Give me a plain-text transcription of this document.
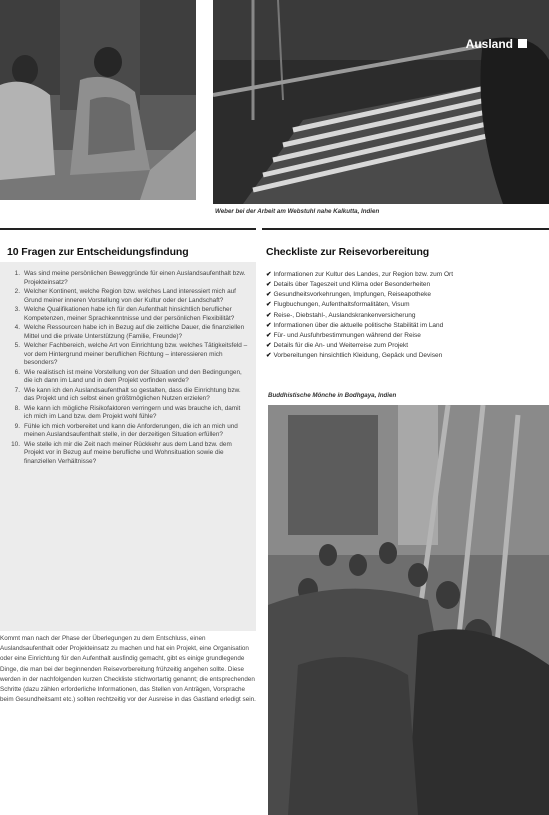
Ausland
Weber bei der Arbeit am Webstuhl nahe Kalkutta, Indien
10 Fragen zur Entscheidungsfindung
1. Was sind meine persönlichen Beweggründe für einen Auslandsaufenthalt bzw. Projekteinsatz?
2. Welcher Kontinent, welche Region bzw. welches Land interessiert mich auf Grund meiner inneren Vorstellung von der Kultur oder der Landschaft?
3. Welche Qualifikationen habe ich für den Aufenthalt hinsichtlich beruflicher Kompetenzen, meiner Sprachkenntnisse und der persönlichen Flexibilität?
4. Welche Ressourcen habe ich in Bezug auf die zeitliche Dauer, die finanziellen Mittel und die private Unterstützung (Familie, Freunde)?
5. Welcher Fachbereich, welche Art von Einrichtung bzw. welches Tätigkeitsfeld – vor dem Hintergrund meiner beruflichen Richtung – interessieren mich besonders?
6. Wie realistisch ist meine Vorstellung von der Situation und den Bedingungen, die ich dann im Land und in dem Projekt vorfinden werde?
7. Wie kann ich den Auslandsaufenthalt so gestalten, dass die Einrichtung bzw. das Projekt und ich selbst einen größtmöglichen Nutzen erzielen?
8. Wie kann ich mögliche Risikofaktoren verringern und was brauche ich, damit ich mich im Land bzw. dem Projekt wohl fühle?
9. Fühle ich mich vorbereitet und kann die Anforderungen, die ich an mich und meinen Auslandsaufenthalt stelle, in der derzeitigen Situation erfüllen?
10. Wie stelle ich mir die Zeit nach meiner Rückkehr aus dem Land bzw. dem Projekt vor in Bezug auf meine berufliche und Wohnsituation sowie die finanziellen Verhältnisse?
Checkliste zur Reisevorbereitung
✔ Informationen zur Kultur des Landes, zur Region bzw. zum Ort
✔ Details über Tageszeit und Klima oder Besonderheiten
✔ Gesundheitsvorkehrungen, Impfungen, Reiseapotheke
✔ Flugbuchungen, Aufenthaltsformalitäten, Visum
✔ Reise-, Diebstahl-, Auslandskrankenversicherung
✔ Informationen über die aktuelle politische Stabilität im Land
✔ Für- und Ausfuhrbestimmungen während der Reise
✔ Details für die An- und Weiterreise zum Projekt
✔ Vorbereitungen hinsichtlich Kleidung, Gepäck und Devisen

Kommt man nach der Phase der Überlegungen zu dem Entschluss, einen Auslandsaufenthalt oder Projekteinsatz zu machen und hat ein Projekt, eine Organisation oder eine Einrichtung für den Aufenthalt ausfindig gemacht, gibt es einige grundlegende Dinge, die man bei der beginnenden Reisevorbereitung frühzeitig angehen sollte. Diese werden in der nachfolgenden kurzen Checkliste stichwortartig genannt; die entsprechenden Schritte (dazu zählen erforderliche Informationen, das Stellen von Anträgen, Vorsprache beim Gesundheitsamt etc.) sollten rechtzeitig vor der Ausreise in das Gastland erledigt sein.

Buddhistische Mönche in Bodhgaya, Indien
